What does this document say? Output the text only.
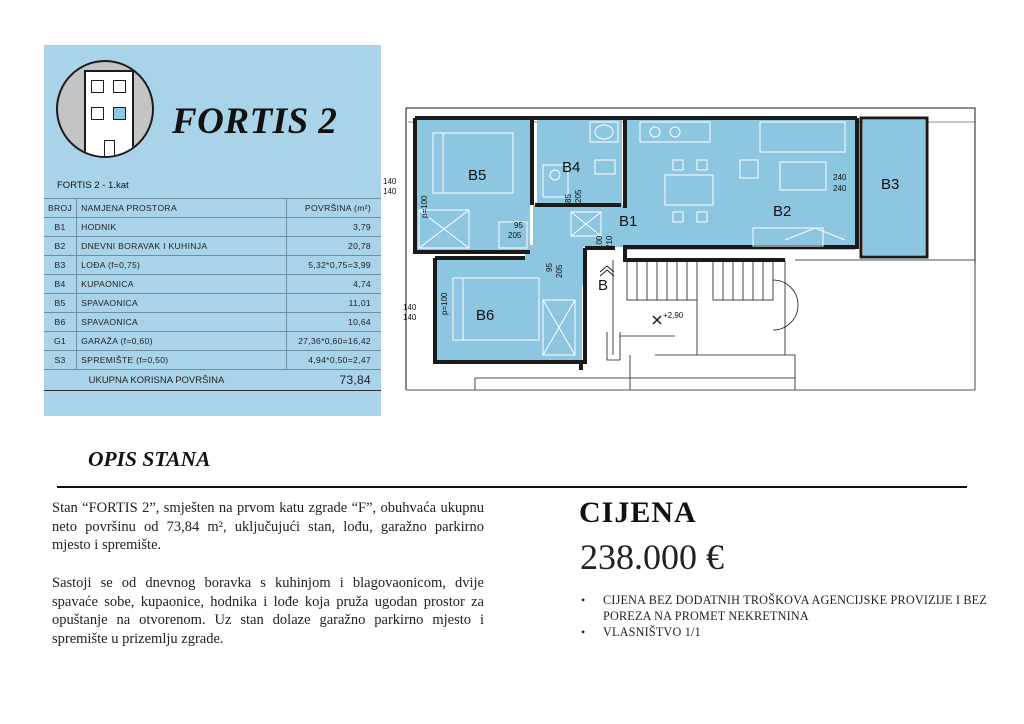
FORTIS 2
FORTIS 2 - 1.kat
BROJ	NAMJENA PROSTORA	POVRŠINA (m²)
B1	HODNIK	3,79
B2	DNEVNI BORAVAK I KUHINJA	20,78
B3	LOĐA (f=0,75)	5,32*0,75=3,99
B4	KUPAONICA	4,74
B5	SPAVAONICA	11,01
B6	SPAVAONICA	10,64
G1	GARAŽA (f=0,60)	27,36*0,60=16,42
S3	SPREMIŠTE (f=0,50)	4,94*0,50=2,47
	UKUPNA KORISNA POVRŠINA	73,84
B5	B4
B1
B2
B3
B6
B
140
140
140
140
p=100
p=100
95
205
85 205
100 210
95 205
240
240
+2,90
OPIS STANA

Stan “FORTIS 2”, smješten na prvom katu zgrade “F”, obuhvaća ukupnu neto površinu od 73,84 m², uključujući stan, lođu, garažno parkirno mjesto i spremište.

Sastoji se od dnevnog boravka s kuhinjom i blagovaonicom, dvije spavaće sobe, kupaonice, hodnika i lođe koja pruža ugodan prostor za opuštanje na otvorenom. Uz stan dolaze garažno parkirno mjesto i spremište u prizemlju zgrade.

CIJENA
238.000 €
• CIJENA BEZ DODATNIH TROŠKOVA AGENCIJSKE PROVIZIJE I BEZ POREZA NA PROMET NEKRETNINA
• VLASNIŠTVO 1/1
